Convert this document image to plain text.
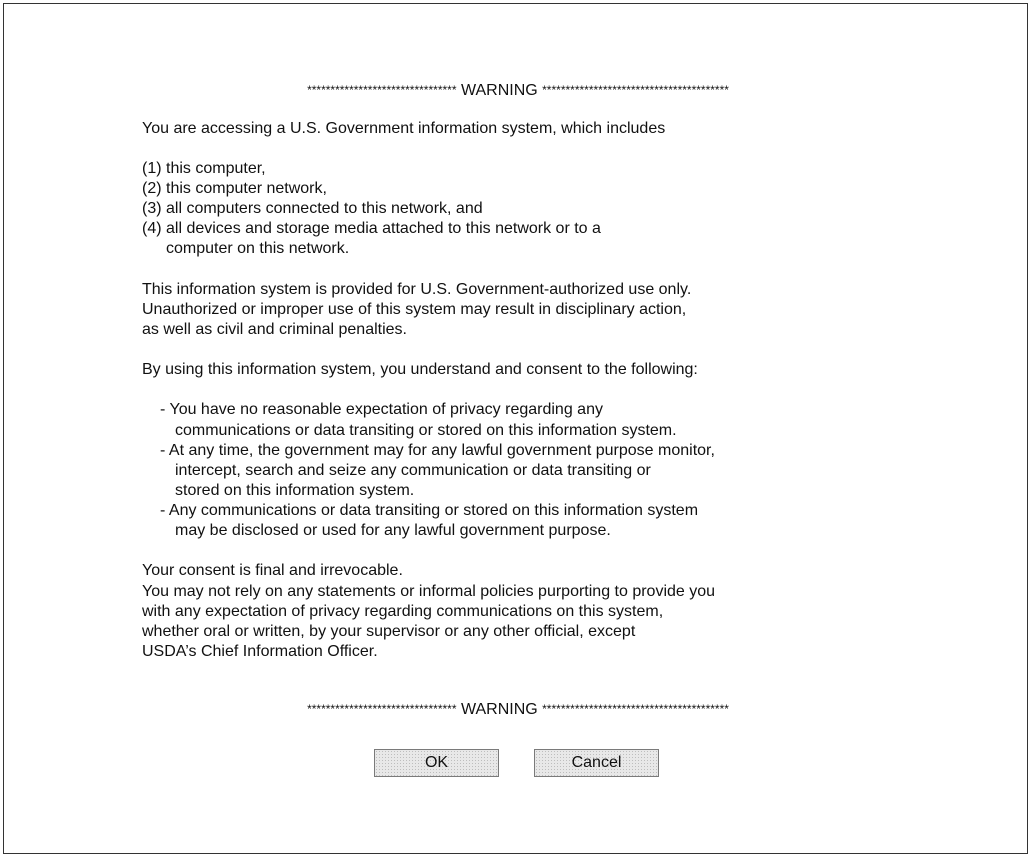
******************************** WARNING ****************************************
You are accessing a U.S. Government information system, which includes
(1) this computer,
(2) this computer network,
(3) all computers connected to this network, and
(4) all devices and storage media attached to this network or to a
computer on this network.
This information system is provided for U.S. Government-authorized use only.
Unauthorized or improper use of this system may result in disciplinary action,
as well as civil and criminal penalties.
By using this information system, you understand and consent to the following:
- You have no reasonable expectation of privacy regarding any
communications or data transiting or stored on this information system.
- At any time, the government may for any lawful government purpose monitor,
intercept, search and seize any communication or data transiting or
stored on this information system.
- Any communications or data transiting or stored on this information system
may be disclosed or used for any lawful government purpose.
Your consent is final and irrevocable.
You may not rely on any statements or informal policies purporting to provide you
with any expectation of privacy regarding communications on this system,
whether oral or written, by your supervisor or any other official, except
USDA’s Chief Information Officer.
******************************** WARNING ****************************************
OK	Cancel
